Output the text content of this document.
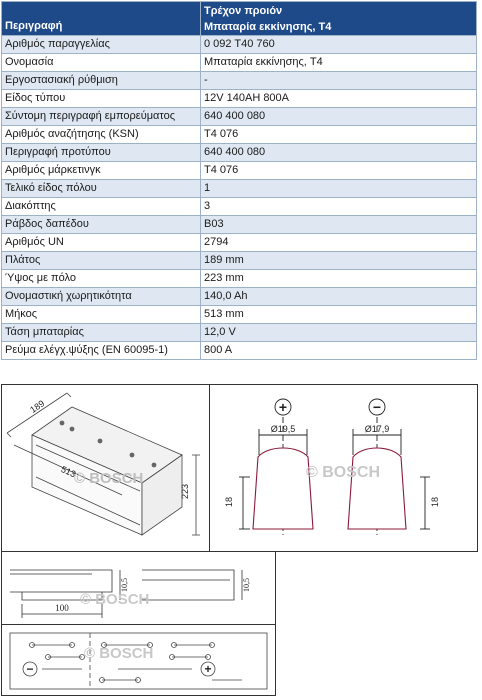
Περιγραφή	Τρέχον προιόν
Μπαταρία εκκίνησης, T4

Αριθμός παραγγελίας	0 092 T40 760
Ονομασία	Μπαταρία εκκίνησης, T4
Εργοστασιακή ρύθμιση	-
Είδος τύπου	12V 140AH 800A
Σύντομη περιγραφή εμπορεύματος	640 400 080
Αριθμός αναζήτησης (KSN)	T4 076
Περιγραφή προτύπου	640 400 080
Αριθμός μάρκετινγκ	T4 076
Τελικό είδος πόλου	1
Διακόπτης	3
Ράβδος δαπέδου	B03
Αριθμός UN	2794
Πλάτος	189 mm
Ύψος με πόλο	223 mm
Ονομαστική χωρητικότητα	140,0 Ah
Μήκος	513 mm
Τάση μπαταρίας	12,0 V
Ρεύμα ελέγχ.ψύξης (EN 60095-1)	800 A
189
513
223
© BOSCH
+	−
Ø19,5	Ø17,9
18	18
© BOSCH
100
10,5	10,5
© BOSCH
−	+
© BOSCH
